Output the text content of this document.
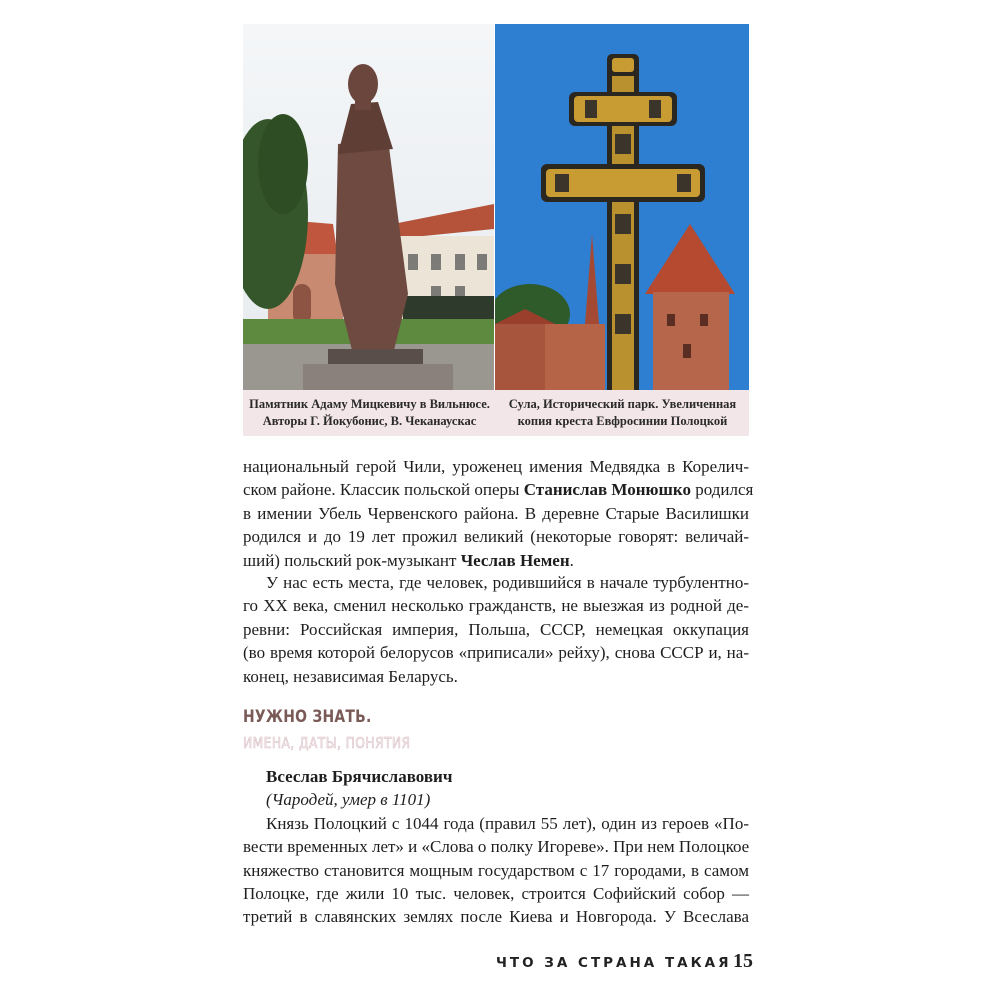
Памятник Адаму Мицкевичу в Вильнюсе.
Авторы Г. Йокубонис, В. Чеканаускас
Сула, Исторический парк. Увеличенная
копия креста Евфросинии Полоцкой
национальный герой Чили, уроженец имения Медвядка в Корелич-
ском районе. Классик польской оперы Станислав Монюшко родился
в имении Убель Червенского района. В деревне Старые Василишки
родился и до 19 лет прожил великий (некоторые говорят: величай-
ший) польский рок-музыкант Чеслав Немен.
У нас есть места, где человек, родившийся в начале турбулентно-
го XX века, сменил несколько гражданств, не выезжая из родной де-
ревни: Российская империя, Польша, СССР, немецкая оккупация
(во время которой белорусов «приписали» рейху), снова СССР и, на-
конец, независимая Беларусь.
НУЖНО ЗНАТЬ.
ИМЕНА, ДАТЫ, ПОНЯТИЯ
Всеслав Брячиславович
(Чародей, умер в 1101)
Князь Полоцкий с 1044 года (правил 55 лет), один из героев «По-
вести временных лет» и «Слова о полку Игореве». При нем Полоцкое
княжество становится мощным государством с 17 городами, в самом
Полоцке, где жили 10 тыс. человек, строится Софийский собор —
третий в славянских землях после Киева и Новгорода. У Всеслава
ЧТО ЗА СТРАНА ТАКАЯ 15
